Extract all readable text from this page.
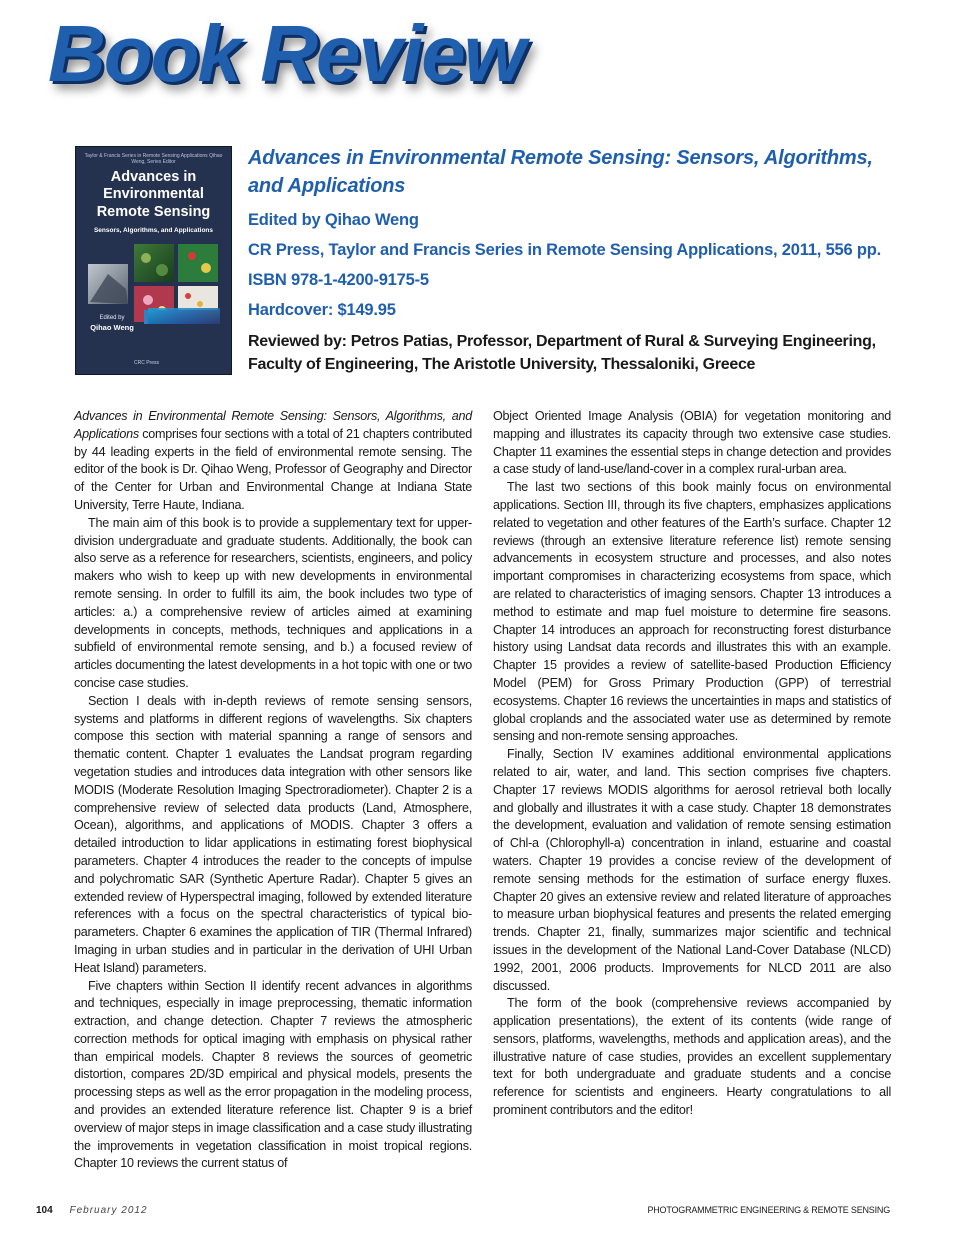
Book Review
Taylor & Francis Series in Remote Sensing Applications Qihao Weng, Series Editor
Advances in Environmental Remote Sensing
Sensors, Algorithms, and Applications
Edited by
Qihao Weng
CRC Press
Advances in Environmental Remote Sensing: Sensors, Algorithms, and Applications
Edited by Qihao Weng
CR Press, Taylor and Francis Series in Remote Sensing Applications, 2011, 556 pp.
ISBN 978-1-4200-9175-5
Hardcover: $149.95
Reviewed by: Petros Patias, Professor, Department of Rural & Surveying Engineering, Faculty of Engineering, The Aristotle University, Thessaloniki, Greece

Advances in Environmental Remote Sensing: Sensors, Algorithms, and Applications comprises four sections with a total of 21 chapters contributed by 44 leading experts in the field of environmental remote sensing. The editor of the book is Dr. Qihao Weng, Professor of Geography and Director of the Center for Urban and Environmental Change at Indiana State University, Terre Haute, Indiana.

The main aim of this book is to provide a supplementary text for upper-division undergraduate and graduate students. Additionally, the book can also serve as a reference for researchers, scientists, engineers, and policy makers who wish to keep up with new developments in environmental remote sensing. In order to fulfill its aim, the book includes two type of articles: a.) a comprehensive review of articles aimed at examining developments in concepts, methods, techniques and applications in a subfield of environmental remote sensing, and b.) a focused review of articles documenting the latest developments in a hot topic with one or two concise case studies.

Section I deals with in-depth reviews of remote sensing sensors, systems and platforms in different regions of wavelengths. Six chapters compose this section with material spanning a range of sensors and thematic content. Chapter 1 evaluates the Landsat program regarding vegetation studies and introduces data integration with other sensors like MODIS (Moderate Resolution Imaging Spectroradiometer). Chapter 2 is a comprehensive review of selected data products (Land, Atmosphere, Ocean), algorithms, and applications of MODIS. Chapter 3 offers a detailed introduction to lidar applications in estimating forest biophysical parameters. Chapter 4 introduces the reader to the concepts of impulse and polychromatic SAR (Synthetic Aperture Radar). Chapter 5 gives an extended review of Hyperspectral imaging, followed by extended literature references with a focus on the spectral characteristics of typical bio-parameters. Chapter 6 examines the application of TIR (Thermal Infrared) Imaging in urban studies and in particular in the derivation of UHI Urban Heat Island) parameters.

Five chapters within Section II identify recent advances in algorithms and techniques, especially in image preprocessing, thematic information extraction, and change detection. Chapter 7 reviews the atmospheric correction methods for optical imaging with emphasis on physical rather than empirical models. Chapter 8 reviews the sources of geometric distortion, compares 2D/3D empirical and physical models, presents the processing steps as well as the error propagation in the modeling process, and provides an extended literature reference list. Chapter 9 is a brief overview of major steps in image classification and a case study illustrating the improvements in vegetation classification in moist tropical regions. Chapter 10 reviews the current status of

Object Oriented Image Analysis (OBIA) for vegetation monitoring and mapping and illustrates its capacity through two extensive case studies. Chapter 11 examines the essential steps in change detection and provides a case study of land-use/land-cover in a complex rural-urban area.

The last two sections of this book mainly focus on environmental applications. Section III, through its five chapters, emphasizes applications related to vegetation and other features of the Earth’s surface. Chapter 12 reviews (through an extensive literature reference list) remote sensing advancements in ecosystem structure and processes, and also notes important compromises in characterizing ecosystems from space, which are related to characteristics of imaging sensors. Chapter 13 introduces a method to estimate and map fuel moisture to determine fire seasons. Chapter 14 introduces an approach for reconstructing forest disturbance history using Landsat data records and illustrates this with an example. Chapter 15 provides a review of satellite-based Production Efficiency Model (PEM) for Gross Primary Production (GPP) of terrestrial ecosystems. Chapter 16 reviews the uncertainties in maps and statistics of global croplands and the associated water use as determined by remote sensing and non-remote sensing approaches.

Finally, Section IV examines additional environmental applications related to air, water, and land. This section comprises five chapters. Chapter 17 reviews MODIS algorithms for aerosol retrieval both locally and globally and illustrates it with a case study. Chapter 18 demonstrates the development, evaluation and validation of remote sensing estimation of Chl-a (Chlorophyll-a) concentration in inland, estuarine and coastal waters. Chapter 19 provides a concise review of the development of remote sensing methods for the estimation of surface energy fluxes. Chapter 20 gives an extensive review and related literature of approaches to measure urban biophysical features and presents the related emerging trends. Chapter 21, finally, summarizes major scientific and technical issues in the development of the National Land-Cover Database (NLCD) 1992, 2001, 2006 products. Improvements for NLCD 2011 are also discussed.

The form of the book (comprehensive reviews accompanied by application presentations), the extent of its contents (wide range of sensors, platforms, wavelengths, methods and application areas), and the illustrative nature of case studies, provides an excellent supplementary text for both undergraduate and graduate students and a concise reference for scientists and engineers. Hearty congratulations to all prominent contributors and the editor!

104 February 2012	PHOTOGRAMMETRIC ENGINEERING & REMOTE SENSING
